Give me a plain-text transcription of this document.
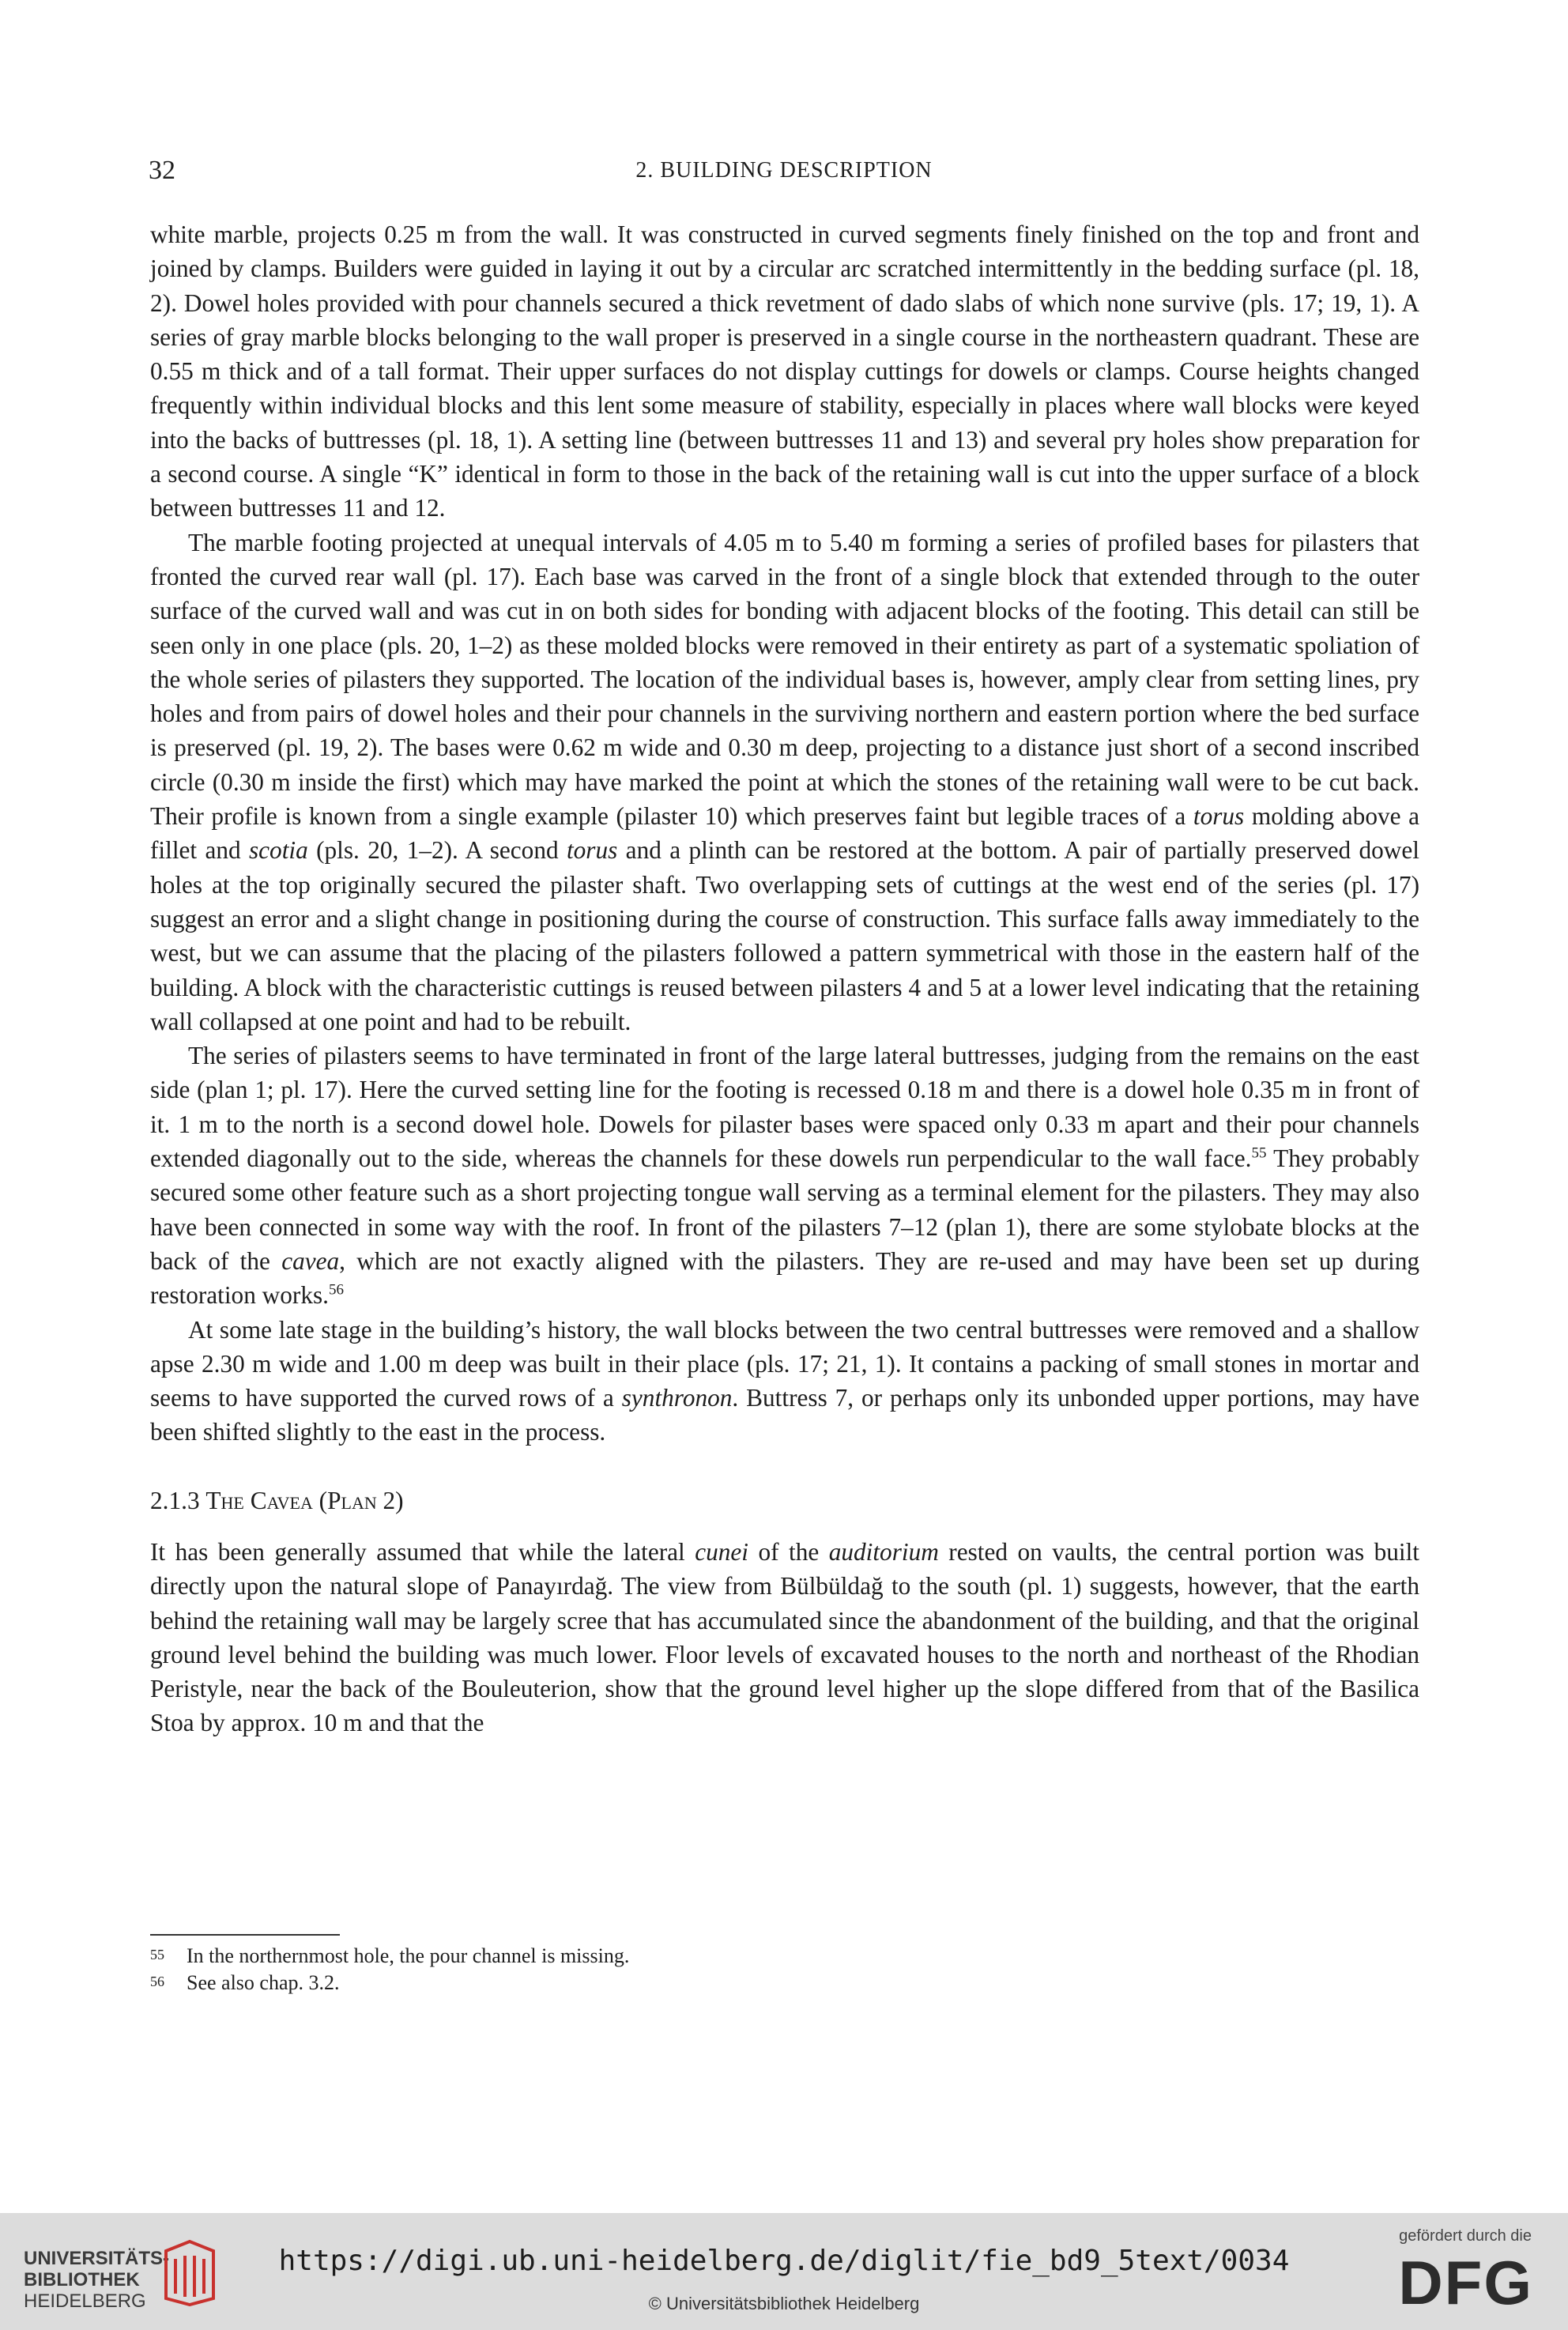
32	2. BUILDING DESCRIPTION

white marble, projects 0.25 m from the wall. It was constructed in curved segments finely finished on the top and front and joined by clamps. Builders were guided in laying it out by a circular arc scratched intermittently in the bedding surface (pl. 18, 2). Dowel holes provided with pour channels secured a thick revetment of dado slabs of which none survive (pls. 17; 19, 1). A series of gray marble blocks belonging to the wall proper is preserved in a single course in the northeastern quadrant. These are 0.55 m thick and of a tall format. Their upper surfaces do not display cuttings for dowels or clamps. Course heights changed frequently within individual blocks and this lent some measure of stability, especially in places where wall blocks were keyed into the backs of buttresses (pl. 18, 1). A setting line (between buttresses 11 and 13) and several pry holes show preparation for a second course. A single “K” identical in form to those in the back of the retaining wall is cut into the upper surface of a block between buttresses 11 and 12.

The marble footing projected at unequal intervals of 4.05 m to 5.40 m forming a series of profiled bases for pilasters that fronted the curved rear wall (pl. 17). Each base was carved in the front of a single block that extended through to the outer surface of the curved wall and was cut in on both sides for bonding with adjacent blocks of the footing. This detail can still be seen only in one place (pls. 20, 1–2) as these molded blocks were removed in their entirety as part of a systematic spoliation of the whole series of pilasters they supported. The location of the individual bases is, however, amply clear from setting lines, pry holes and from pairs of dowel holes and their pour channels in the surviving northern and eastern portion where the bed surface is preserved (pl. 19, 2). The bases were 0.62 m wide and 0.30 m deep, projecting to a distance just short of a second inscribed circle (0.30 m inside the first) which may have marked the point at which the stones of the retaining wall were to be cut back. Their profile is known from a single example (pilaster 10) which preserves faint but legible traces of a torus molding above a fillet and scotia (pls. 20, 1–2). A second torus and a plinth can be restored at the bottom. A pair of partially preserved dowel holes at the top originally secured the pilaster shaft. Two overlapping sets of cuttings at the west end of the series (pl. 17) suggest an error and a slight change in positioning during the course of construction. This surface falls away immediately to the west, but we can assume that the placing of the pilasters followed a pattern symmetrical with those in the eastern half of the building. A block with the characteristic cuttings is reused between pilasters 4 and 5 at a lower level indicating that the retaining wall collapsed at one point and had to be rebuilt.

The series of pilasters seems to have terminated in front of the large lateral buttresses, judging from the remains on the east side (plan 1; pl. 17). Here the curved setting line for the footing is recessed 0.18 m and there is a dowel hole 0.35 m in front of it. 1 m to the north is a second dowel hole. Dowels for pilaster bases were spaced only 0.33 m apart and their pour channels extended diagonally out to the side, whereas the channels for these dowels run perpendicular to the wall face.$^{55}$ They probably secured some other feature such as a short projecting tongue wall serving as a terminal element for the pilasters. They may also have been connected in some way with the roof. In front of the pilasters 7–12 (plan 1), there are some stylobate blocks at the back of the cavea, which are not exactly aligned with the pilasters. They are re-used and may have been set up during restoration works.$^{56}$

At some late stage in the building’s history, the wall blocks between the two central buttresses were removed and a shallow apse 2.30 m wide and 1.00 m deep was built in their place (pls. 17; 21, 1). It contains a packing of small stones in mortar and seems to have supported the curved rows of a synthronon. Buttress 7, or perhaps only its unbonded upper portions, may have been shifted slightly to the east in the process.

2.1.3 The Cavea (Plan 2)

It has been generally assumed that while the lateral cunei of the auditorium rested on vaults, the central portion was built directly upon the natural slope of Panayırdağ. The view from Bülbüldağ to the south (pl. 1) suggests, however, that the earth behind the retaining wall may be largely scree that has accumulated since the abandonment of the building, and that the original ground level behind the building was much lower. Floor levels of excavated houses to the north and northeast of the Rhodian Peristyle, near the back of the Bouleuterion, show that the ground level higher up the slope differed from that of the Basilica Stoa by approx. 10 m and that the

55 In the northernmost hole, the pour channel is missing.
56 See also chap. 3.2.
UNIVERSITÄTS-
BIBLIOTHEK
HEIDELBERG
https://digi.ub.uni-heidelberg.de/diglit/fie_bd9_5text/0034
© Universitätsbibliothek Heidelberg
gefördert durch die
DFG
